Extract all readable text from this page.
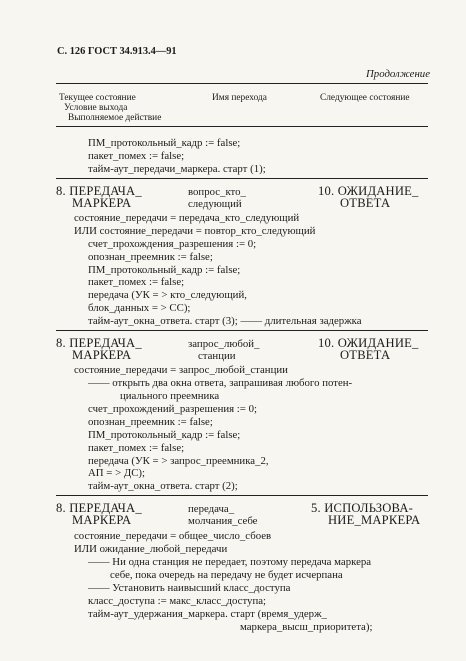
С. 126 ГОСТ 34.913.4—91
Продолжение
Текущее состояние
Условие выхода
Выполняемое действие
Имя перехода	Следующее состояние
ПМ_протокольный_кадр := false;
пакет_помех := false;
тайм-аут_передачи_маркера. старт (1);
8. ПЕРЕДАЧА_
МАРКЕРА
вопрос_кто_
следующий
10. ОЖИДАНИЕ_
ОТВЕТА
состояние_передачи = передача_кто_следующий
ИЛИ состояние_передачи = повтор_кто_следующий
счет_прохождения_разрешения := 0;
опознан_преемник := false;
ПМ_протокольный_кадр := false;
пакет_помех := false;
передача (УК = > кто_следующий,
блок_данных = > СС);
тайм-аут_окна_ответа. старт (3); —— длительная задержка
8. ПЕРЕДАЧА_
МАРКЕРА
запрос_любой_
станции
10. ОЖИДАНИЕ_
ОТВЕТА
состояние_передачи = запрос_любой_станции
—— открыть два окна ответа, запрашивая любого потен-
циального преемника
счет_прохождений_разрешения := 0;
опознан_преемник := false;
ПМ_протокольный_кадр := false;
пакет_помех := false;
передача (УК = > запрос_преемника_2,
АП = > ДС);
тайм-аут_окна_ответа. старт (2);
8. ПЕРЕДАЧА_
МАРКЕРА
передача_
молчания_себе
5. ИСПОЛЬЗОВА-
НИЕ_МАРКЕРА
состояние_передачи = общее_число_сбоев
ИЛИ ожидание_любой_передачи
—— Ни одна станция не передает, поэтому передача маркера
себе, пока очередь на передачу не будет исчерпана
—— Установить наивысший класс_доступа
класс_доступа := макс_класс_доступа;
тайм-аут_удержания_маркера. старт (время_удерж_
маркера_высш_приоритета);
